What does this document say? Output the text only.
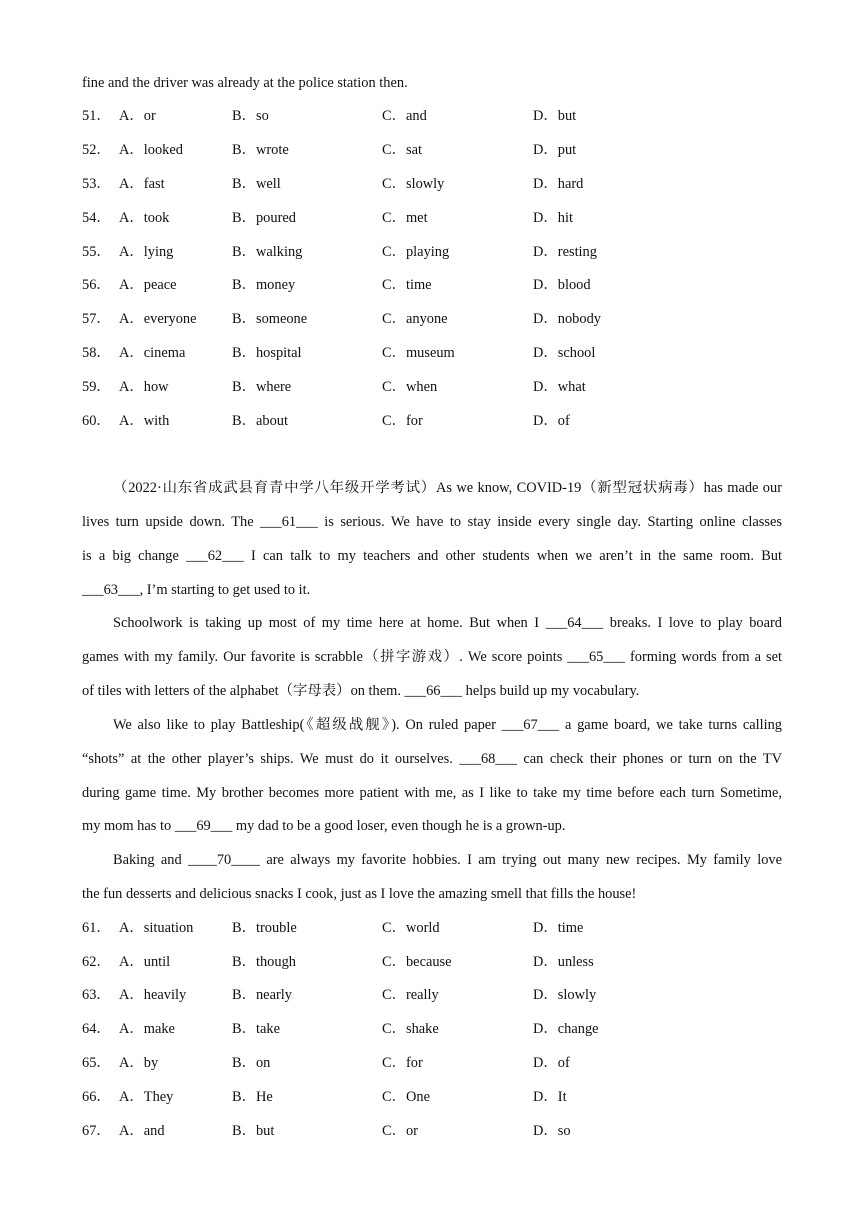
fine and the driver was already at the police station then.
51． A．or	B．so	C．and	D．but
52． A．looked	B．wrote	C．sat	D．put
53． A．fast	B．well	C．slowly	D．hard
54． A．took	B．poured	C．met	D．hit
55． A．lying	B．walking	C．playing	D．resting
56． A．peace	B．money	C．time	D．blood
57． A．everyone B．someone	C．anyone	D．nobody
58． A．cinema	B．hospital	C．museum	D．school
59． A．how	B．where	C．when	D．what
60． A．with	B．about	C．for	D．of
（2022·山东省成武县育青中学八年级开学考试）As we know, COVID-19（新型冠状病毒）has made our
lives turn upside down. The ___61___ is serious. We have to stay inside every single day. Starting online classes
is a big change ___62___ I can talk to my teachers and other students when we aren’t in the same room. But
___63___, I’m starting to get used to it.
Schoolwork is taking up most of my time here at home. But when I ___64___ breaks. I love to play board
games with my family. Our favorite is scrabble（拼字游戏）. We score points ___65___ forming words from a set
of tiles with letters of the alphabet（字母表）on them. ___66___ helps build up my vocabulary.
We also like to play Battleship(《超级战舰》). On ruled paper ___67___ a game board, we take turns calling
“shots” at the other player’s ships. We must do it ourselves. ___68___ can check their phones or turn on the TV
during game time. My brother becomes more patient with me, as I like to take my time before each turn Sometime,
my mom has to ___69___ my dad to be a good loser, even though he is a grown-up.
Baking and ____70____ are always my favorite hobbies. I am trying out many new recipes. My family love
the fun desserts and delicious snacks I cook, just as I love the amazing smell that fills the house!
61． A．situation	B．trouble	C．world	D．time
62． A．until	B．though	C．because	D．unless
63． A．heavily	B．nearly	C．really	D．slowly
64． A．make	B．take	C．shake	D．change
65． A．by	B．on	C．for	D．of
66． A．They	B．He	C．One	D．It
67． A．and	B．but	C．or	D．so
